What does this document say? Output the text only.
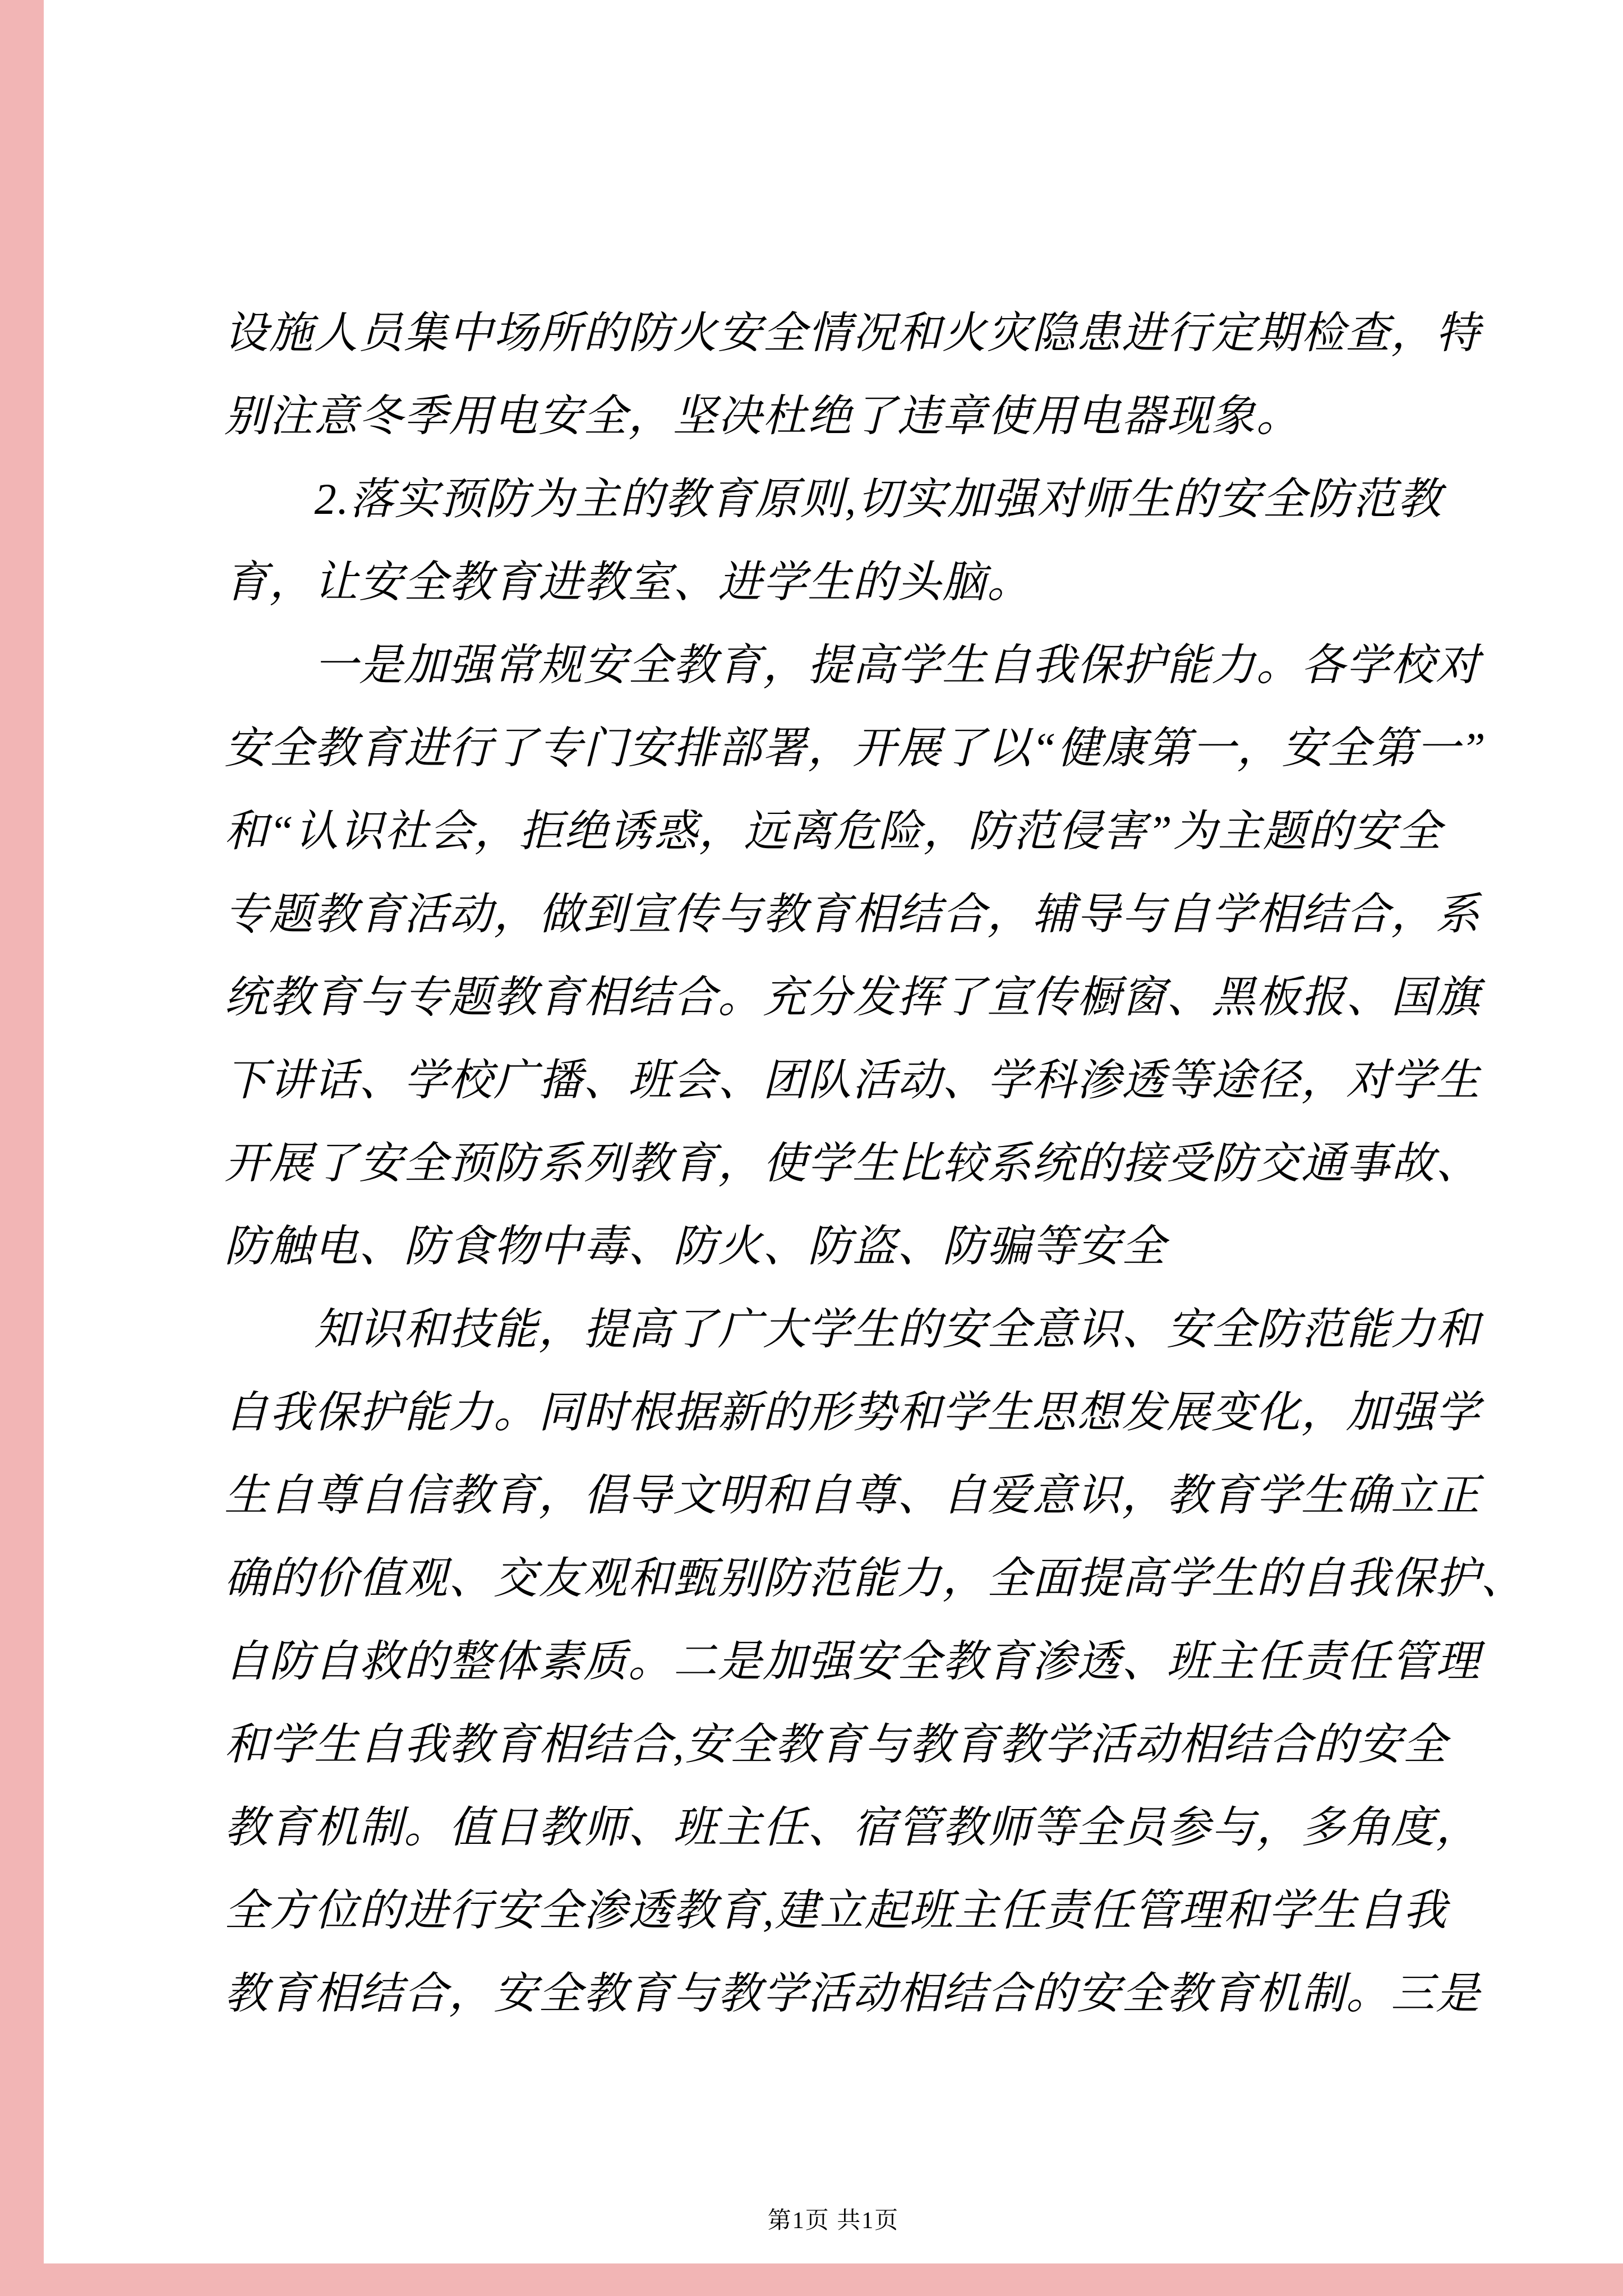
设施人员集中场所的防火安全情况和火灾隐患进行定期检查，特
别注意冬季用电安全，坚决杜绝了违章使用电器现象。
　　2.落实预防为主的教育原则,切实加强对师生的安全防范教
育，让安全教育进教室、进学生的头脑。
　　一是加强常规安全教育，提高学生自我保护能力。各学校对
安全教育进行了专门安排部署，开展了以“健康第一，安全第一”
和“认识社会，拒绝诱惑，远离危险，防范侵害”为主题的安全
专题教育活动，做到宣传与教育相结合，辅导与自学相结合，系
统教育与专题教育相结合。充分发挥了宣传橱窗、黑板报、国旗
下讲话、学校广播、班会、团队活动、学科渗透等途径，对学生
开展了安全预防系列教育，使学生比较系统的接受防交通事故、
防触电、防食物中毒、防火、防盗、防骗等安全
　　知识和技能，提高了广大学生的安全意识、安全防范能力和
自我保护能力。同时根据新的形势和学生思想发展变化，加强学
生自尊自信教育，倡导文明和自尊、自爱意识，教育学生确立正
确的价值观、交友观和甄别防范能力，全面提高学生的自我保护、
自防自救的整体素质。二是加强安全教育渗透、班主任责任管理
和学生自我教育相结合,安全教育与教育教学活动相结合的安全
教育机制。值日教师、班主任、宿管教师等全员参与，多角度，
全方位的进行安全渗透教育,建立起班主任责任管理和学生自我
教育相结合，安全教育与教学活动相结合的安全教育机制。三是
第1页 共1页
